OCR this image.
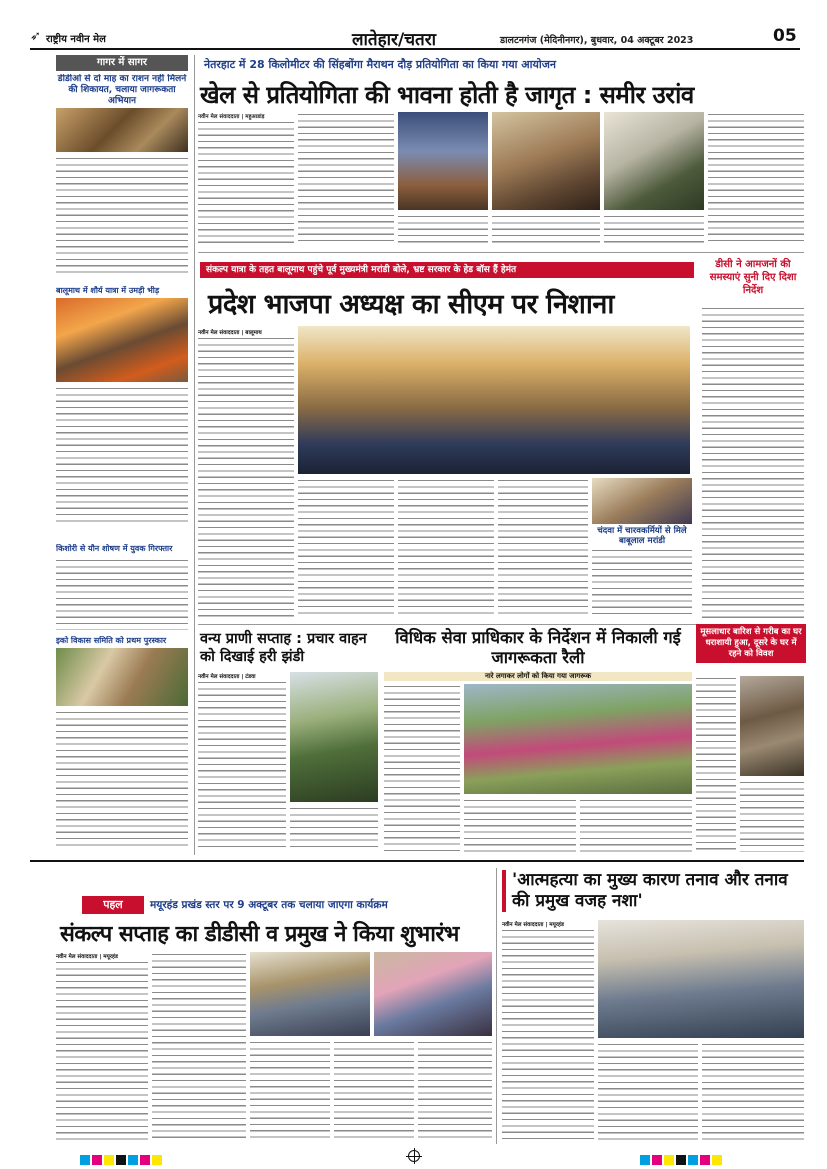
➶ राष्ट्रीय नवीन मेल	लातेहार/चतरा	डालटनगंज (मेदिनीनगर), बुधवार, 04 अक्टूबर 2023	05
गागर में सागर
डीडीओ से दो माह का राशन नहीं मिलने की शिकायत, चलाया जागरूकता अभियान
बालूमाथ में शौर्य यात्रा में उमड़ी भीड़
किशोरी से यौन शोषण में युवक गिरफ्तार
इको विकास समिति को प्रथम पुरस्कार
नेतरहाट में 28 किलोमीटर की सिंहबोंगा मैराथन दौड़ प्रतियोगिता का किया गया आयोजन
खेल से प्रतियोगिता की भावना होती है जागृत : समीर उरांव
नवीन मेल संवाददाता | महुआडांड़
डीसी ने आमजनों की समस्याएं सुनी दिए दिशा निर्देश
संकल्प यात्रा के तहत बालूमाथ पहुंचे पूर्व मुख्यमंत्री मरांडी बोले, भ्रष्ट सरकार के हेड बॉस हैं हेमंत
प्रदेश भाजपा अध्यक्ष का सीएम पर निशाना
नवीन मेल संवाददाता | बालूमाथ
चंदवा में चारवकर्मियों से मिले बाबूलाल मरांडी
वन्य प्राणी सप्ताह : प्रचार वाहन को दिखाई हरी झंडी
नवीन मेल संवाददाता | टंडवा
विधिक सेवा प्राधिकार के निर्देशन में निकाली गई जागरूकता रैली
नारे लगाकर लोगों को किया गया जागरूक
मूसलाधार बारिश से गरीब का घर धराशायी हुआ, दूसरे के घर में रहने को विवश
पहल	मयूरहंड प्रखंड स्तर पर 9 अक्टूबर तक चलाया जाएगा कार्यक्रम
संकल्प सप्ताह का डीडीसी व प्रमुख ने किया शुभारंभ
नवीन मेल संवाददाता | मयूरहंड
'आत्महत्या का मुख्य कारण तनाव और तनाव की प्रमुख वजह नशा'
नवीन मेल संवाददाता | मयूरहंड
